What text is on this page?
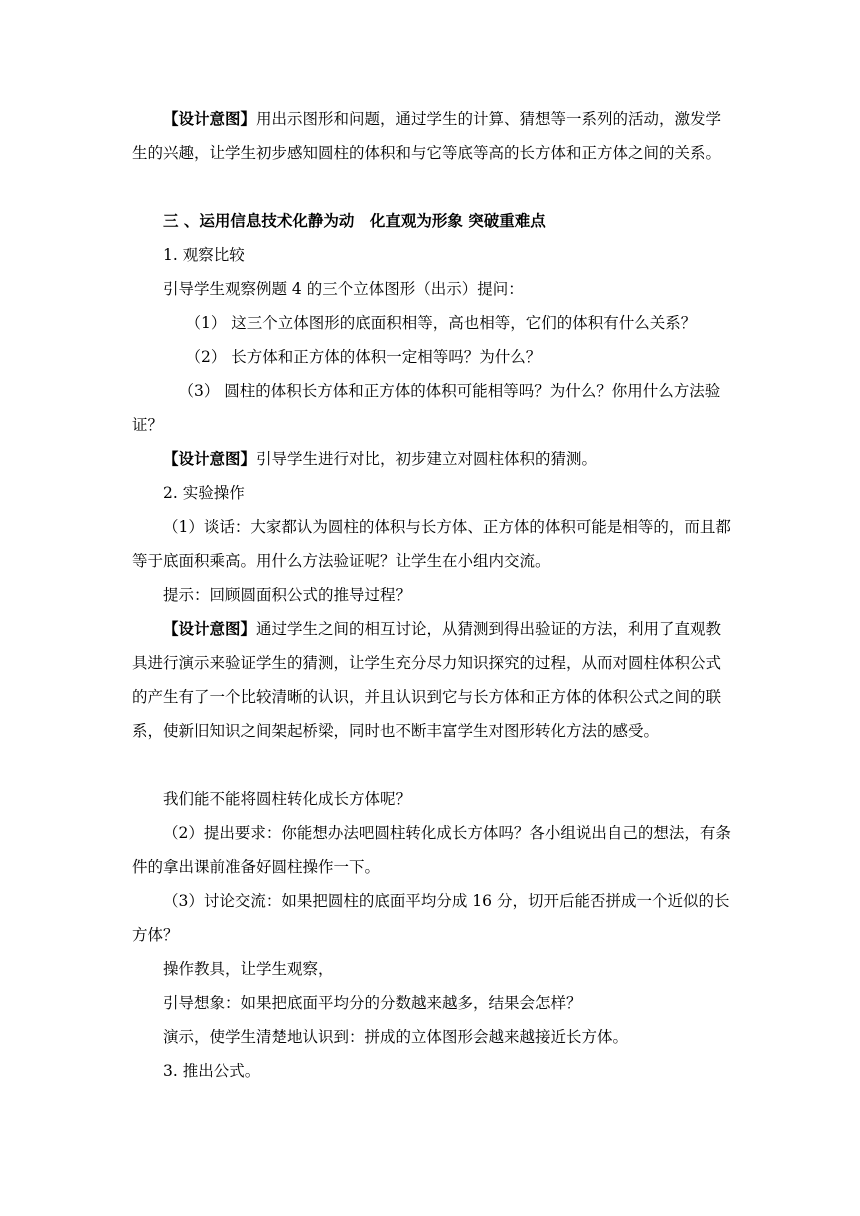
【设计意图】用出示图形和问题，通过学生的计算、猜想等一系列的活动，激发学生的兴趣，让学生初步感知圆柱的体积和与它等底等高的长方体和正方体之间的关系。

三 、运用信息技术化静为动　化直观为形象 突破重难点

1. 观察比较

引导学生观察例题 4 的三个立体图形（出示）提问：

（1） 这三个立体图形的底面积相等，高也相等，它们的体积有什么关系？

（2） 长方体和正方体的体积一定相等吗？为什么？

（3） 圆柱的体积长方体和正方体的体积可能相等吗？为什么？你用什么方法验证？

【设计意图】引导学生进行对比，初步建立对圆柱体积的猜测。

2. 实验操作

（1）谈话：大家都认为圆柱的体积与长方体、正方体的体积可能是相等的，而且都等于底面积乘高。用什么方法验证呢？让学生在小组内交流。

提示：回顾圆面积公式的推导过程？

【设计意图】通过学生之间的相互讨论，从猜测到得出验证的方法，利用了直观教具进行演示来验证学生的猜测，让学生充分尽力知识探究的过程，从而对圆柱体积公式的产生有了一个比较清晰的认识，并且认识到它与长方体和正方体的体积公式之间的联系，使新旧知识之间架起桥梁，同时也不断丰富学生对图形转化方法的感受。

我们能不能将圆柱转化成长方体呢？

（2）提出要求：你能想办法吧圆柱转化成长方体吗？各小组说出自己的想法，有条件的拿出课前准备好圆柱操作一下。

（3）讨论交流：如果把圆柱的底面平均分成 16 分，切开后能否拼成一个近似的长方体？

操作教具，让学生观察，

引导想象：如果把底面平均分的分数越来越多，结果会怎样？

演示，使学生清楚地认识到：拼成的立体图形会越来越接近长方体。

3. 推出公式。
